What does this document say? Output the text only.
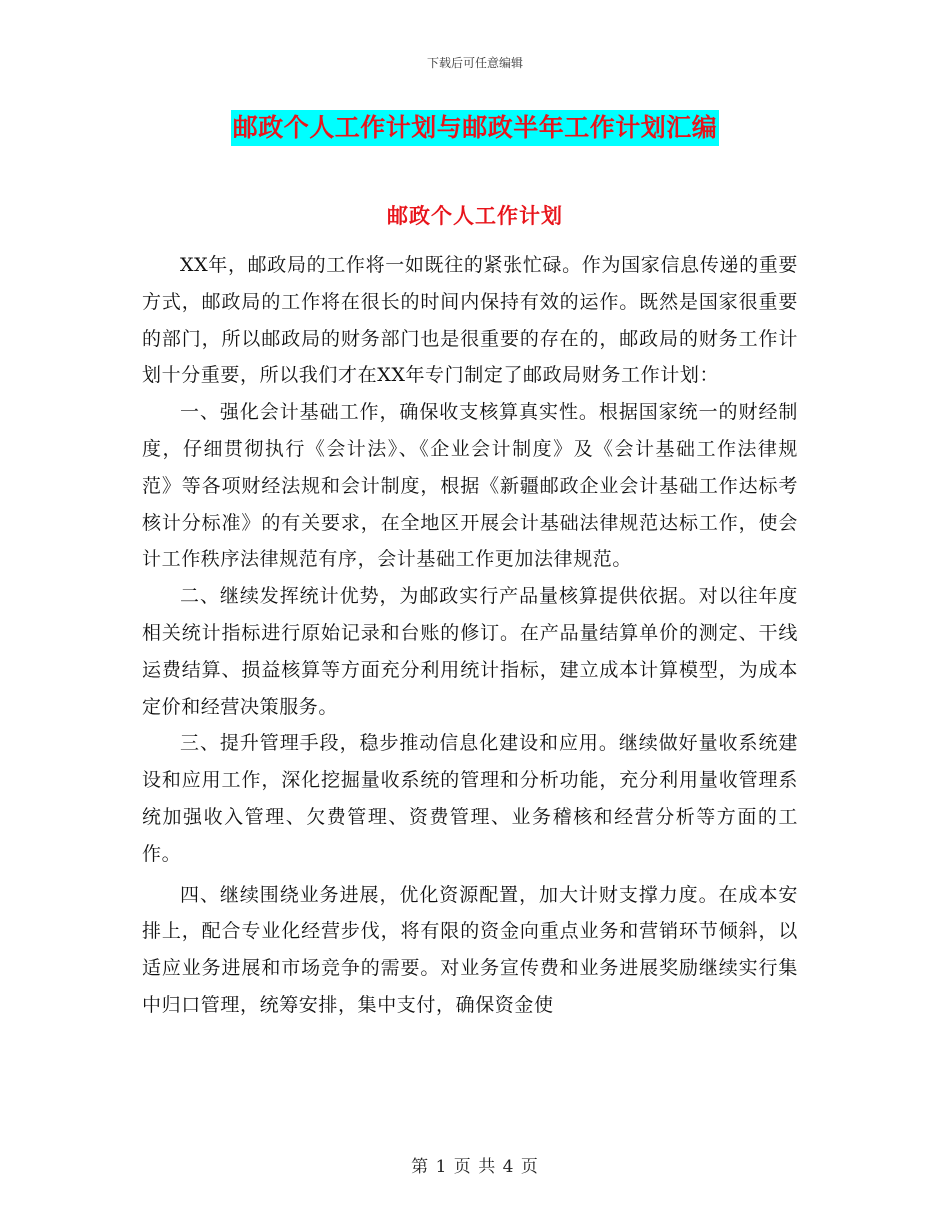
下载后可任意编辑
邮政个人工作计划与邮政半年工作计划汇编
邮政个人工作计划

XX年，邮政局的工作将一如既往的紧张忙碌。作为国家信息传递的重要方式，邮政局的工作将在很长的时间内保持有效的运作。既然是国家很重要的部门，所以邮政局的财务部门也是很重要的存在的，邮政局的财务工作计划十分重要，所以我们才在XX年专门制定了邮政局财务工作计划：

一、强化会计基础工作，确保收支核算真实性。根据国家统一的财经制度，仔细贯彻执行《会计法》、《企业会计制度》及《会计基础工作法律规范》等各项财经法规和会计制度，根据《新疆邮政企业会计基础工作达标考核计分标准》的有关要求，在全地区开展会计基础法律规范达标工作，使会计工作秩序法律规范有序，会计基础工作更加法律规范。

二、继续发挥统计优势，为邮政实行产品量核算提供依据。对以往年度相关统计指标进行原始记录和台账的修订。在产品量结算单价的测定、干线运费结算、损益核算等方面充分利用统计指标，建立成本计算模型，为成本定价和经营决策服务。

三、提升管理手段，稳步推动信息化建设和应用。继续做好量收系统建设和应用工作，深化挖掘量收系统的管理和分析功能，充分利用量收管理系统加强收入管理、欠费管理、资费管理、业务稽核和经营分析等方面的工作。

四、继续围绕业务进展，优化资源配置，加大计财支撑力度。在成本安排上，配合专业化经营步伐，将有限的资金向重点业务和营销环节倾斜，以适应业务进展和市场竞争的需要。对业务宣传费和业务进展奖励继续实行集中归口管理，统筹安排，集中支付，确保资金使

第 1 页 共 4 页
